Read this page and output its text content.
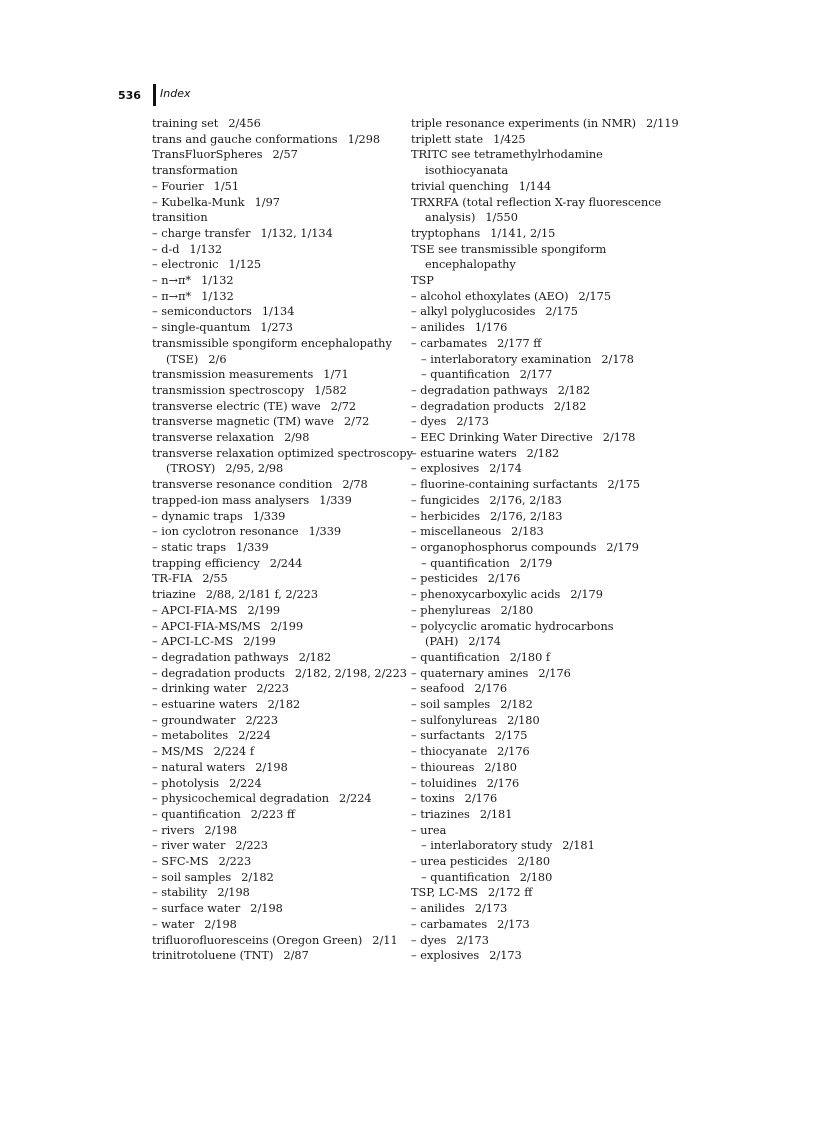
536	Index
training set 2/456
trans and gauche conformations 1/298
TransFluorSpheres 2/57
transformation
– Fourier 1/51
– Kubelka-Munk 1/97
transition
– charge transfer 1/132, 1/134
– d-d 1/132
– electronic 1/125
– n→π* 1/132
– π→π* 1/132
– semiconductors 1/134
– single-quantum 1/273
transmissible spongiform encephalopathy
(TSE) 2/6
transmission measurements 1/71
transmission spectroscopy 1/582
transverse electric (TE) wave 2/72
transverse magnetic (TM) wave 2/72
transverse relaxation 2/98
transverse relaxation optimized spectroscopy
(TROSY) 2/95, 2/98
transverse resonance condition 2/78
trapped-ion mass analysers 1/339
– dynamic traps 1/339
– ion cyclotron resonance 1/339
– static traps 1/339
trapping efficiency 2/244
TR-FIA 2/55
triazine 2/88, 2/181 f, 2/223
– APCI-FIA-MS 2/199
– APCI-FIA-MS/MS 2/199
– APCI-LC-MS 2/199
– degradation pathways 2/182
– degradation products 2/182, 2/198, 2/223
– drinking water 2/223
– estuarine waters 2/182
– groundwater 2/223
– metabolites 2/224
– MS/MS 2/224 f
– natural waters 2/198
– photolysis 2/224
– physicochemical degradation 2/224
– quantification 2/223 ff
– rivers 2/198
– river water 2/223
– SFC-MS 2/223
– soil samples 2/182
– stability 2/198
– surface water 2/198
– water 2/198
trifluorofluoresceins (Oregon Green) 2/11
trinitrotoluene (TNT) 2/87
triple resonance experiments (in NMR) 2/119
triplett state 1/425
TRITC see tetramethylrhodamine
isothiocyanata
trivial quenching 1/144
TRXRFA (total reflection X-ray fluorescence
analysis) 1/550
tryptophans 1/141, 2/15
TSE see transmissible spongiform
encephalopathy
TSP
– alcohol ethoxylates (AEO) 2/175
– alkyl polyglucosides 2/175
– anilides 1/176
– carbamates 2/177 ff
– interlaboratory examination 2/178
– quantification 2/177
– degradation pathways 2/182
– degradation products 2/182
– dyes 2/173
– EEC Drinking Water Directive 2/178
– estuarine waters 2/182
– explosives 2/174
– fluorine-containing surfactants 2/175
– fungicides 2/176, 2/183
– herbicides 2/176, 2/183
– miscellaneous 2/183
– organophosphorus compounds 2/179
– quantification 2/179
– pesticides 2/176
– phenoxycarboxylic acids 2/179
– phenylureas 2/180
– polycyclic aromatic hydrocarbons
(PAH) 2/174
– quantification 2/180 f
– quaternary amines 2/176
– seafood 2/176
– soil samples 2/182
– sulfonylureas 2/180
– surfactants 2/175
– thiocyanate 2/176
– thioureas 2/180
– toluidines 2/176
– toxins 2/176
– triazines 2/181
– urea
– interlaboratory study 2/181
– urea pesticides 2/180
– quantification 2/180
TSP, LC-MS 2/172 ff
– anilides 2/173
– carbamates 2/173
– dyes 2/173
– explosives 2/173
